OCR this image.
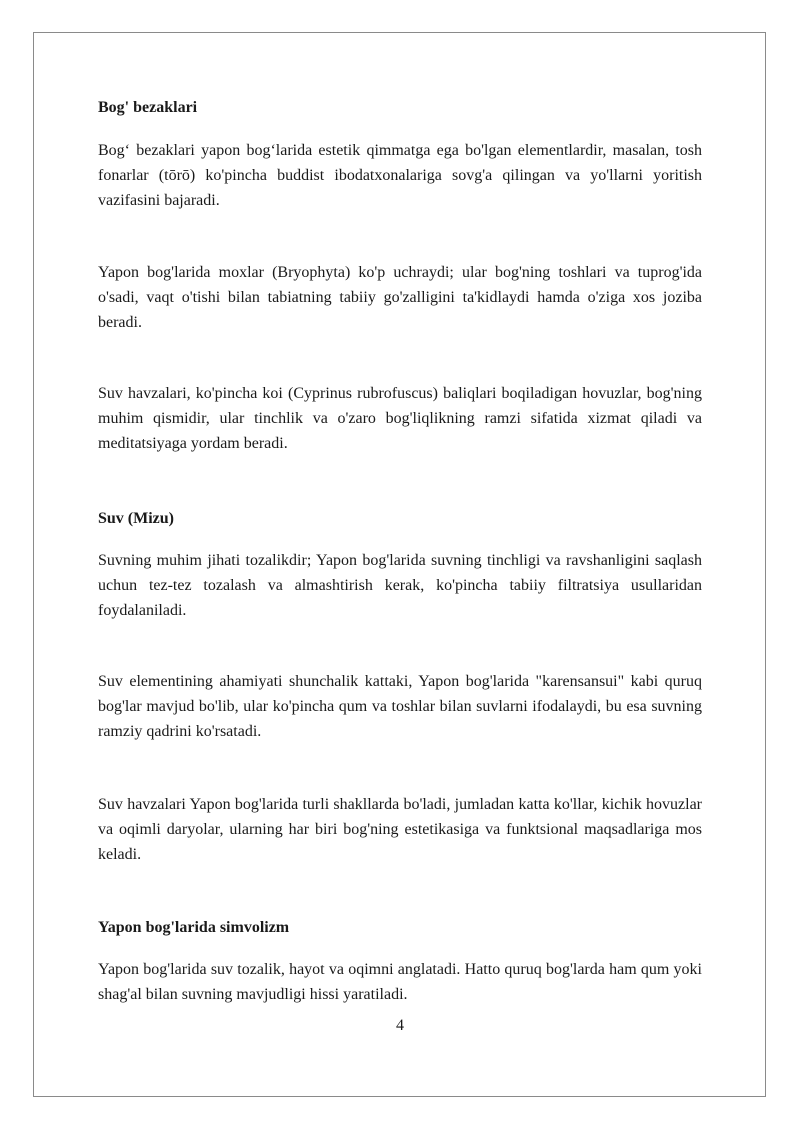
Bog' bezaklari

Bog‘ bezaklari yapon bog‘larida estetik qimmatga ega bo'lgan elementlardir, masalan, tosh fonarlar (tōrō) ko'pincha buddist ibodatxonalariga sovg'a qilingan va yo'llarni yoritish vazifasini bajaradi.

Yapon bog'larida moxlar (Bryophyta) ko'p uchraydi; ular bog'ning toshlari va tuprog'ida o'sadi, vaqt o'tishi bilan tabiatning tabiiy go'zalligini ta'kidlaydi hamda o'ziga xos joziba beradi.

Suv havzalari, ko'pincha koi (Cyprinus rubrofuscus) baliqlari boqiladigan hovuzlar, bog'ning muhim qismidir, ular tinchlik va o'zaro bog'liqlikning ramzi sifatida xizmat qiladi va meditatsiyaga yordam beradi.

Suv (Mizu)

Suvning muhim jihati tozalikdir; Yapon bog'larida suvning tinchligi va ravshanligini saqlash uchun tez-tez tozalash va almashtirish kerak, ko'pincha tabiiy filtratsiya usullaridan foydalaniladi.

Suv elementining ahamiyati shunchalik kattaki, Yapon bog'larida "karensansui" kabi quruq bog'lar mavjud bo'lib, ular ko'pincha qum va toshlar bilan suvlarni ifodalaydi, bu esa suvning ramziy qadrini ko'rsatadi.

Suv havzalari Yapon bog'larida turli shakllarda bo'ladi, jumladan katta ko'llar, kichik hovuzlar va oqimli daryolar, ularning har biri bog'ning estetikasiga va funktsional maqsadlariga mos keladi.

Yapon bog'larida simvolizm

Yapon bog'larida suv tozalik, hayot va oqimni anglatadi. Hatto quruq bog'larda ham qum yoki shag'al bilan suvning mavjudligi hissi yaratiladi.

4
